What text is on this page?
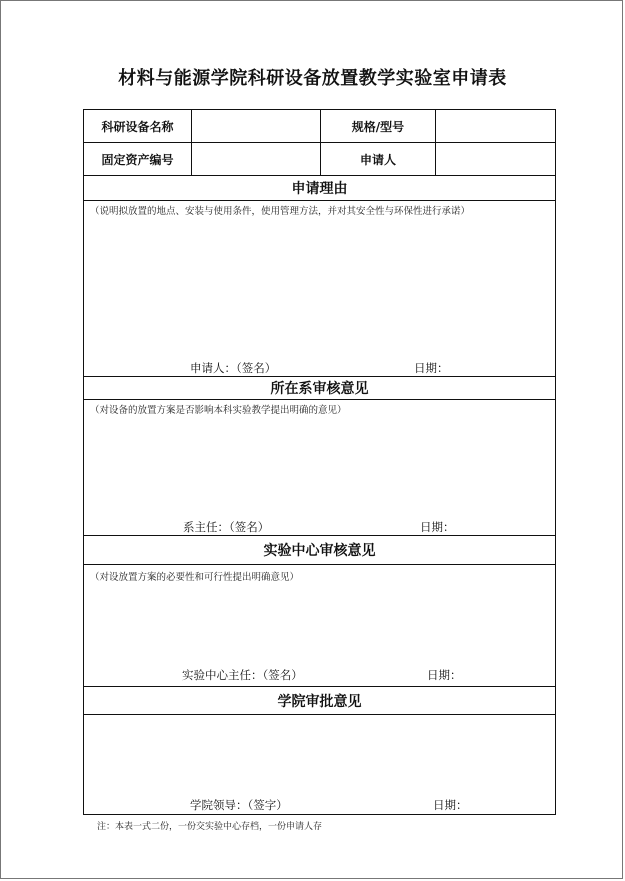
材料与能源学院科研设备放置教学实验室申请表
科研设备名称	规格/型号
固定资产编号	申请人
申请理由
（说明拟放置的地点、安装与使用条件，使用管理方法，并对其安全性与环保性进行承诺）
申请人：（签名）	日期：
所在系审核意见
（对设备的放置方案是否影响本科实验教学提出明确的意见）
系主任：（签名）	日期：
实验中心审核意见
（对设放置方案的必要性和可行性提出明确意见）
实验中心主任：（签名）	日期：
学院审批意见
学院领导：（签字）	日期：
注：本表一式二份，一份交实验中心存档，一份申请人存
